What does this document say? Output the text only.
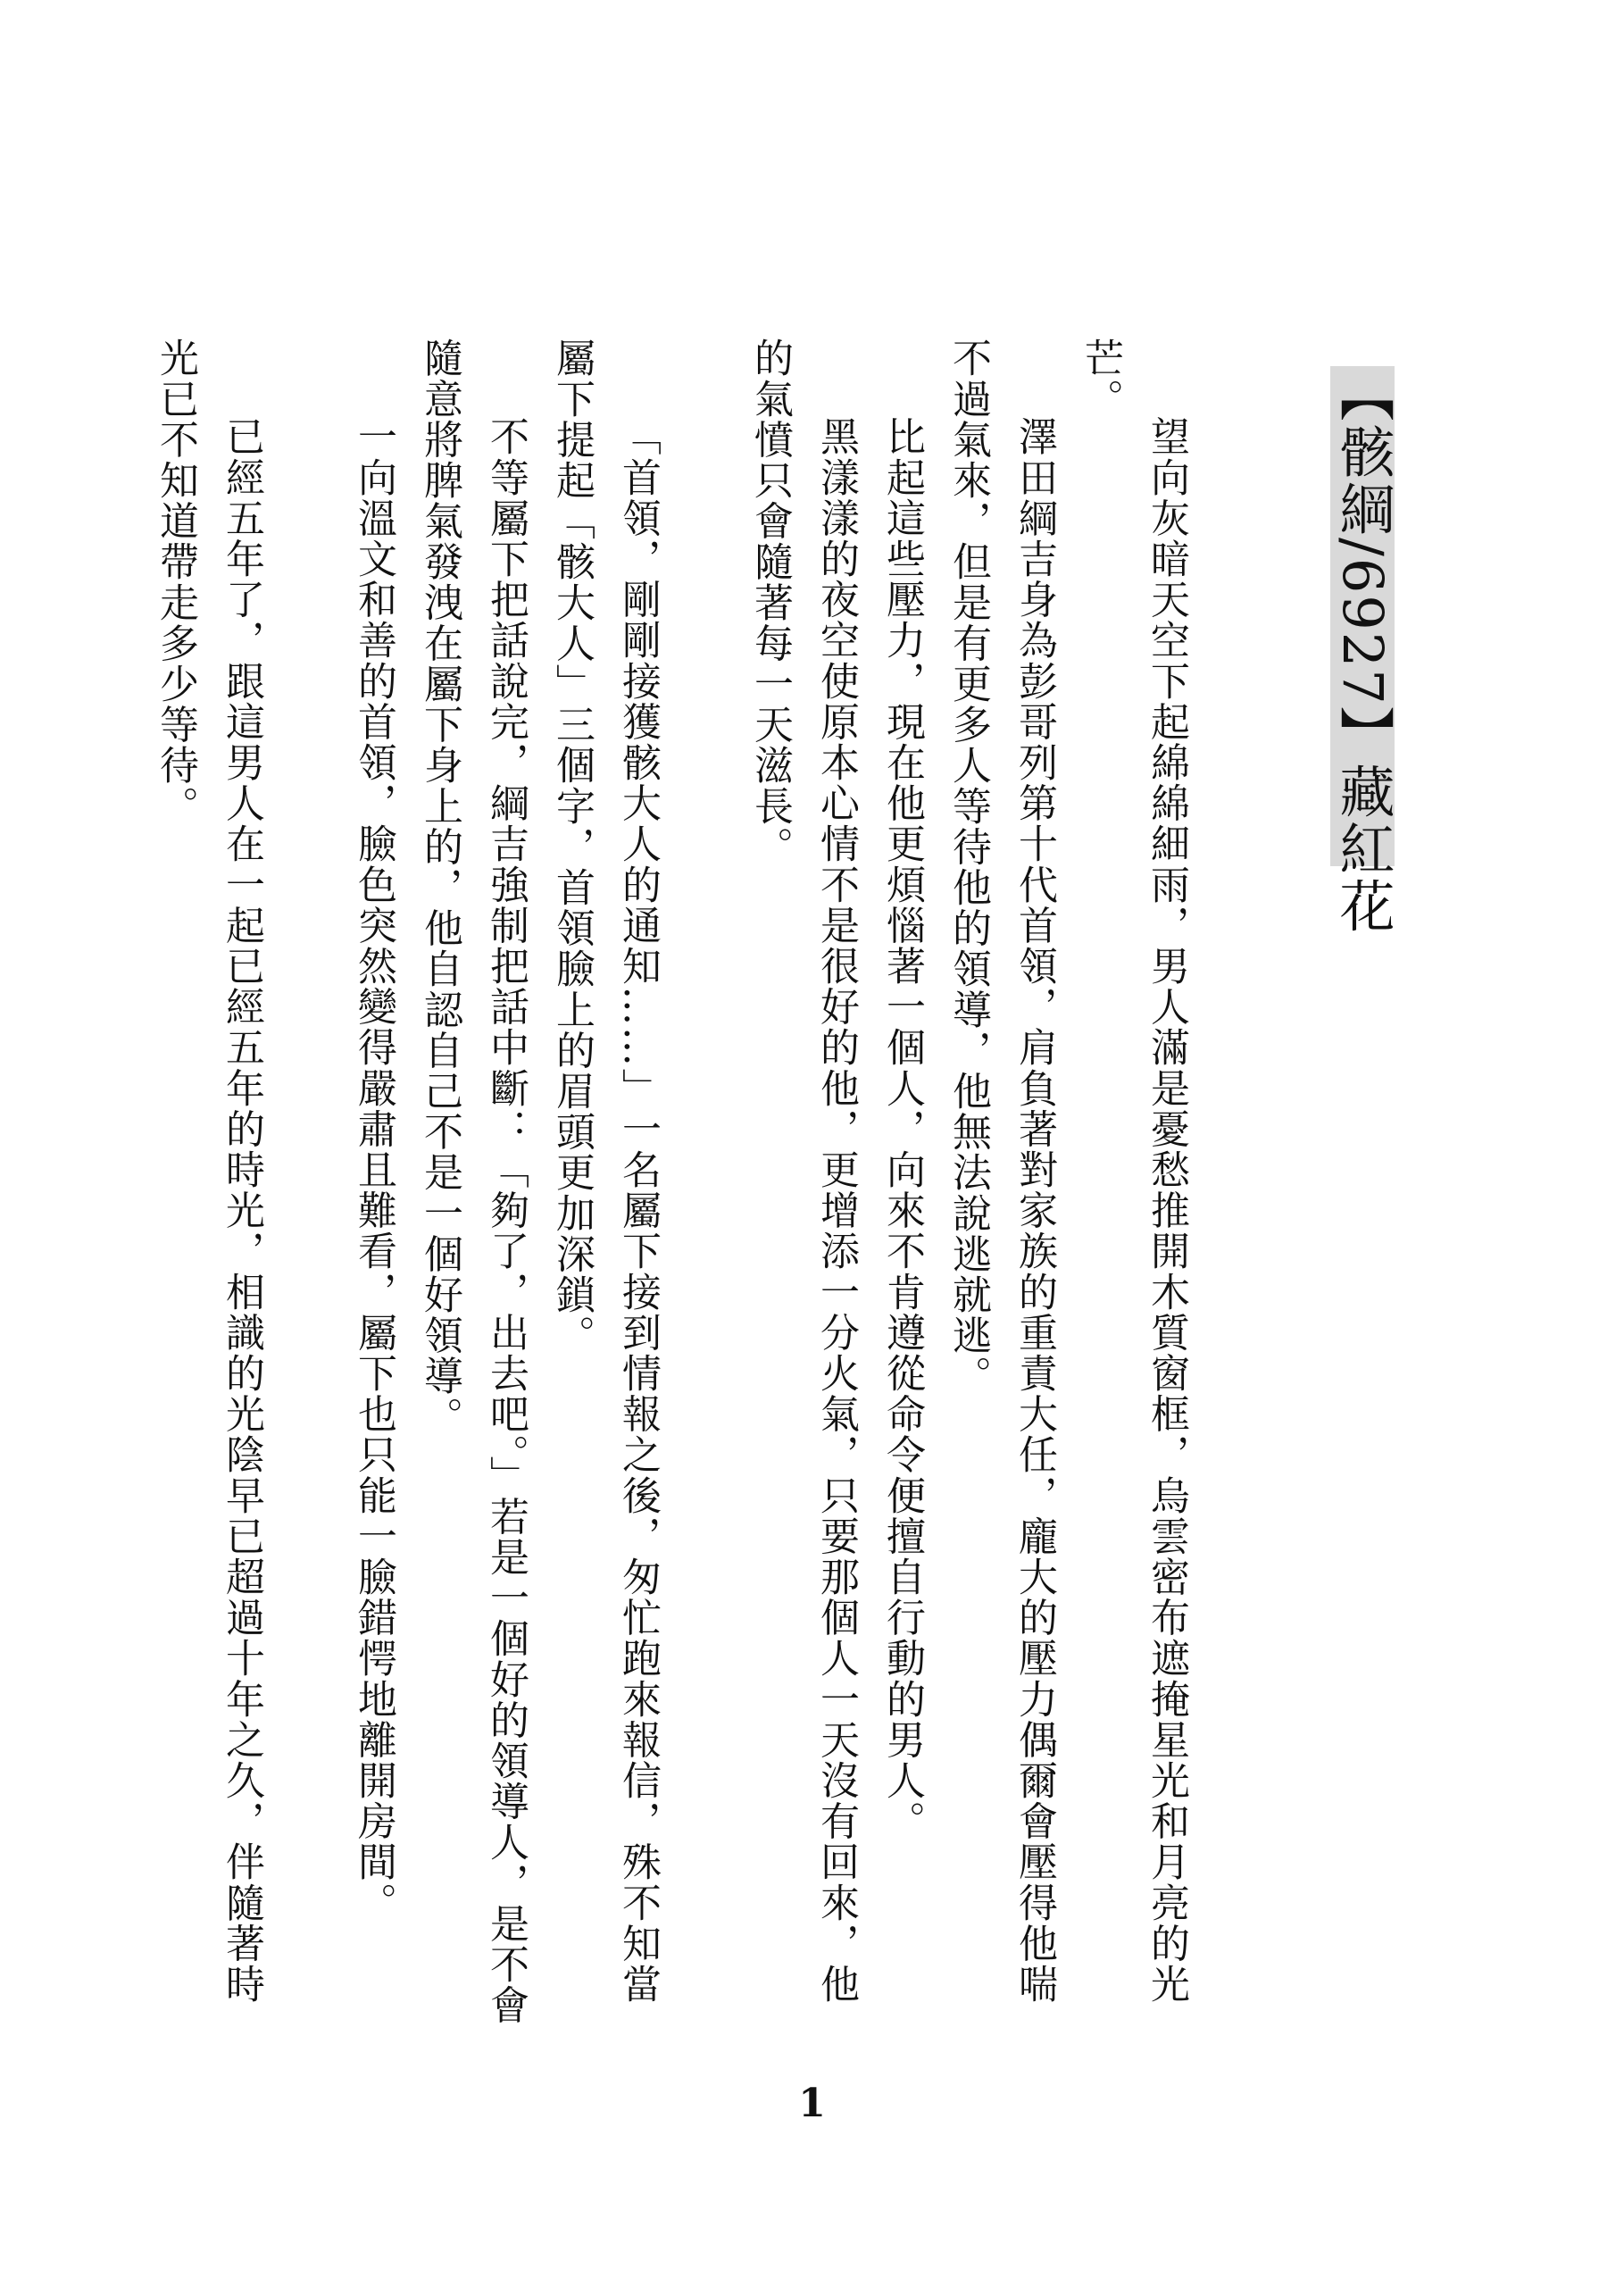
【骸綱/6927】藏紅花

望向灰暗天空下起綿綿細雨，男人滿是憂愁推開木質窗框，烏雲密布遮掩星光和月亮的光芒。

澤田綱吉身為彭哥列第十代首領，肩負著對家族的重責大任，龐大的壓力偶爾會壓得他喘不過氣來，但是有更多人等待他的領導，他無法說逃就逃。

比起這些壓力，現在他更煩惱著一個人，向來不肯遵從命令便擅自行動的男人。

黑漾漾的夜空使原本心情不是很好的他，更增添一分火氣，只要那個人一天沒有回來，他的氣憤只會隨著每一天滋長。

「首領，剛剛接獲骸大人的通知……」一名屬下接到情報之後，匆忙跑來報信，殊不知當屬下提起「骸大人」三個字，首領臉上的眉頭更加深鎖。

不等屬下把話說完，綱吉強制把話中斷：「夠了，出去吧。」若是一個好的領導人，是不會隨意將脾氣發洩在屬下身上的，他自認自己不是一個好領導。

一向溫文和善的首領，臉色突然變得嚴肅且難看，屬下也只能一臉錯愕地離開房間。

已經五年了，跟這男人在一起已經五年的時光，相識的光陰早已超過十年之久，伴隨著時光已不知道帶走多少等待。

1
